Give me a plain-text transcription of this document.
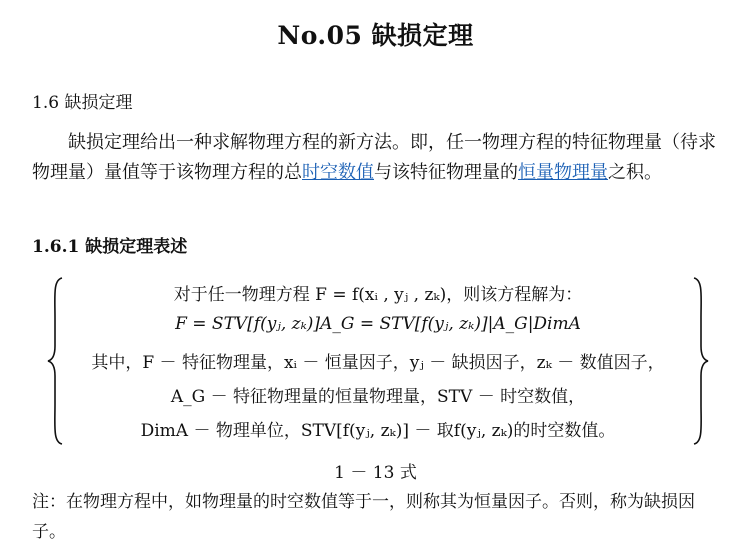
No.05 缺损定理
1.6 缺损定理
缺损定理给出一种求解物理方程的新方法。即，任一物理方程的特征物理量（待求物理量）量值等于该物理方程的总时空数值与该特征物理量的恒量物理量之积。
1.6.1 缺损定理表述
对于任一物理方程 F = f(xᵢ , yⱼ , zₖ)，则该方程解为：
F = STV[f(yⱼ, zₖ)]A_G = STV[f(yⱼ, zₖ)]|A_G|DimA
其中，F － 特征物理量，xᵢ － 恒量因子，yⱼ － 缺损因子，zₖ － 数值因子，
A_G － 特征物理量的恒量物理量，STV － 时空数值，
DimA － 物理单位，STV[f(yⱼ, zₖ)] － 取f(yⱼ, zₖ)的时空数值。
1 － 13 式
注：在物理方程中，如物理量的时空数值等于一，则称其为恒量因子。否则，称为缺损因子。
